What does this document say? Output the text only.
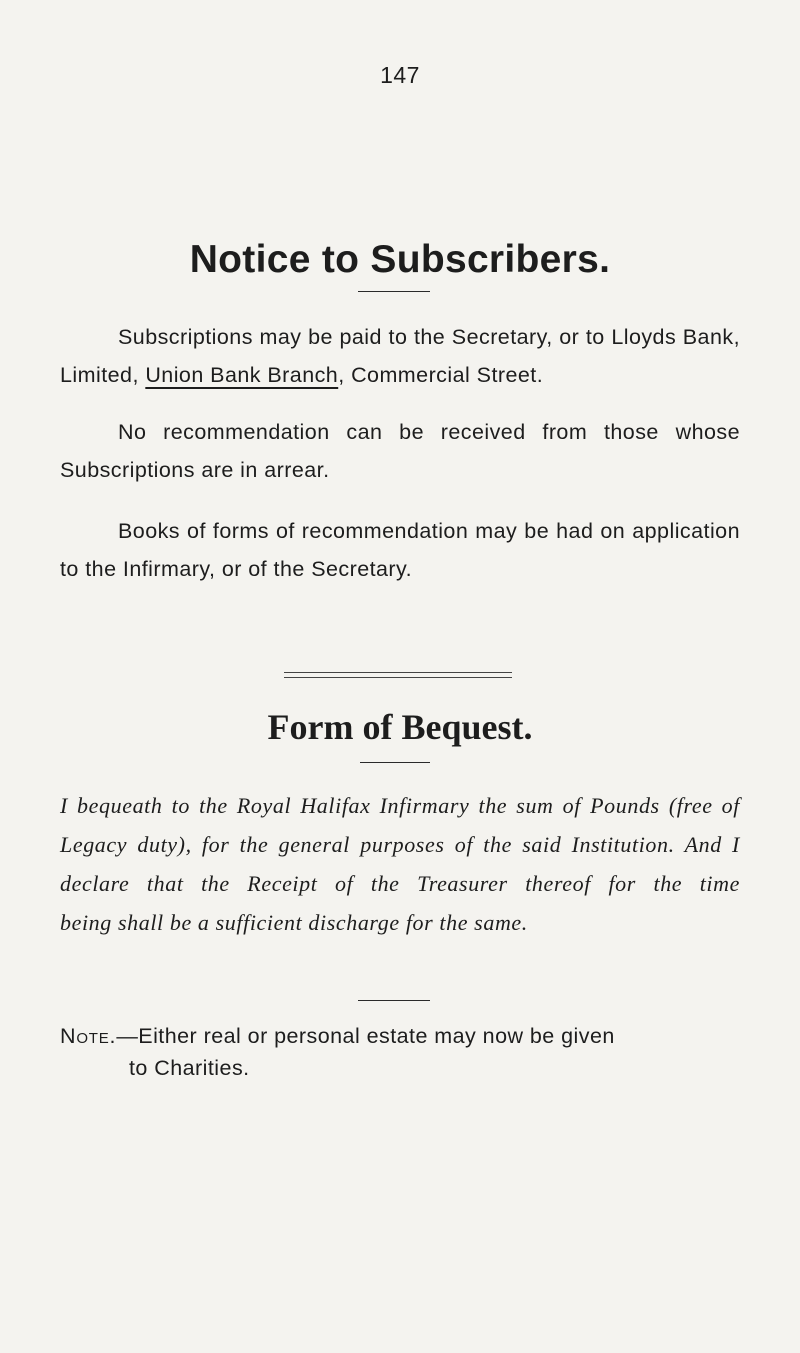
147
Notice to Subscribers.

Subscriptions may be paid to the Secretary, or to Lloyds Bank, Limited, Union Bank Branch, Commercial Street.

No recommendation can be received from those whose Subscriptions are in arrear.

Books of forms of recommendation may be had on application to the Infirmary, or of the Secretary.

Form of Bequest.

I bequeath to the Royal Halifax Infirmary the sum of Pounds (free of Legacy duty), for the general purposes of the said Institution. And I declare that the Receipt of the Treasurer thereof for the time
being shall be a sufficient discharge for the same.

Note.—Either real or personal estate may now be given
to Charities.
